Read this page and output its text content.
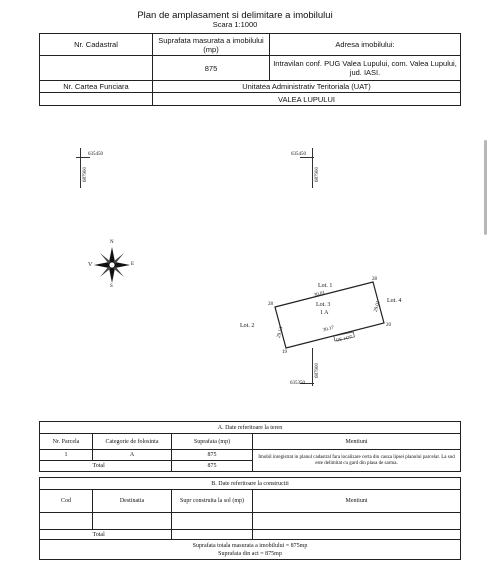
Plan de amplasament si delimitare a imobilului
Scara 1:1000
Nr. Cadastral	Suprafata masurata a imobilului (mp)	Adresa imobilului:
	875	Intravilan conf. PUG Valea Lupului, com. Valea Lupului, jud. IASI.
Nr. Cartea Funciara	Unitatea Administrativ Teritoriala (UAT)	
	VALEA LUPULUI	
635450
687900
635450
687900
687900
635350
N
V	E
S	Lot. 1
Lot. 2
Lot. 3
1 A
Lot. 4
28
28
19
20
30.01
29.13
29.01
30.17
DE 1477
A. Date referitoare la teren			
Nr. Parcela	Categorie de folosinta	Suprafata (mp)	Mentiuni
1	A	875	Imobil inregistrat in planul cadastral fara localizare certa din cauza lipsei planului parcelar. La sud este delimitat cu gard din plasa de sarma.
	Total	875	
B. Date referitoare la constructii			
Cod	Destinatia	Supr construita la sol (mp)	Mentiuni

	Total		

Suprafata totala masurata a imobilului = 875mp
Suprafata din act = 875mp			
